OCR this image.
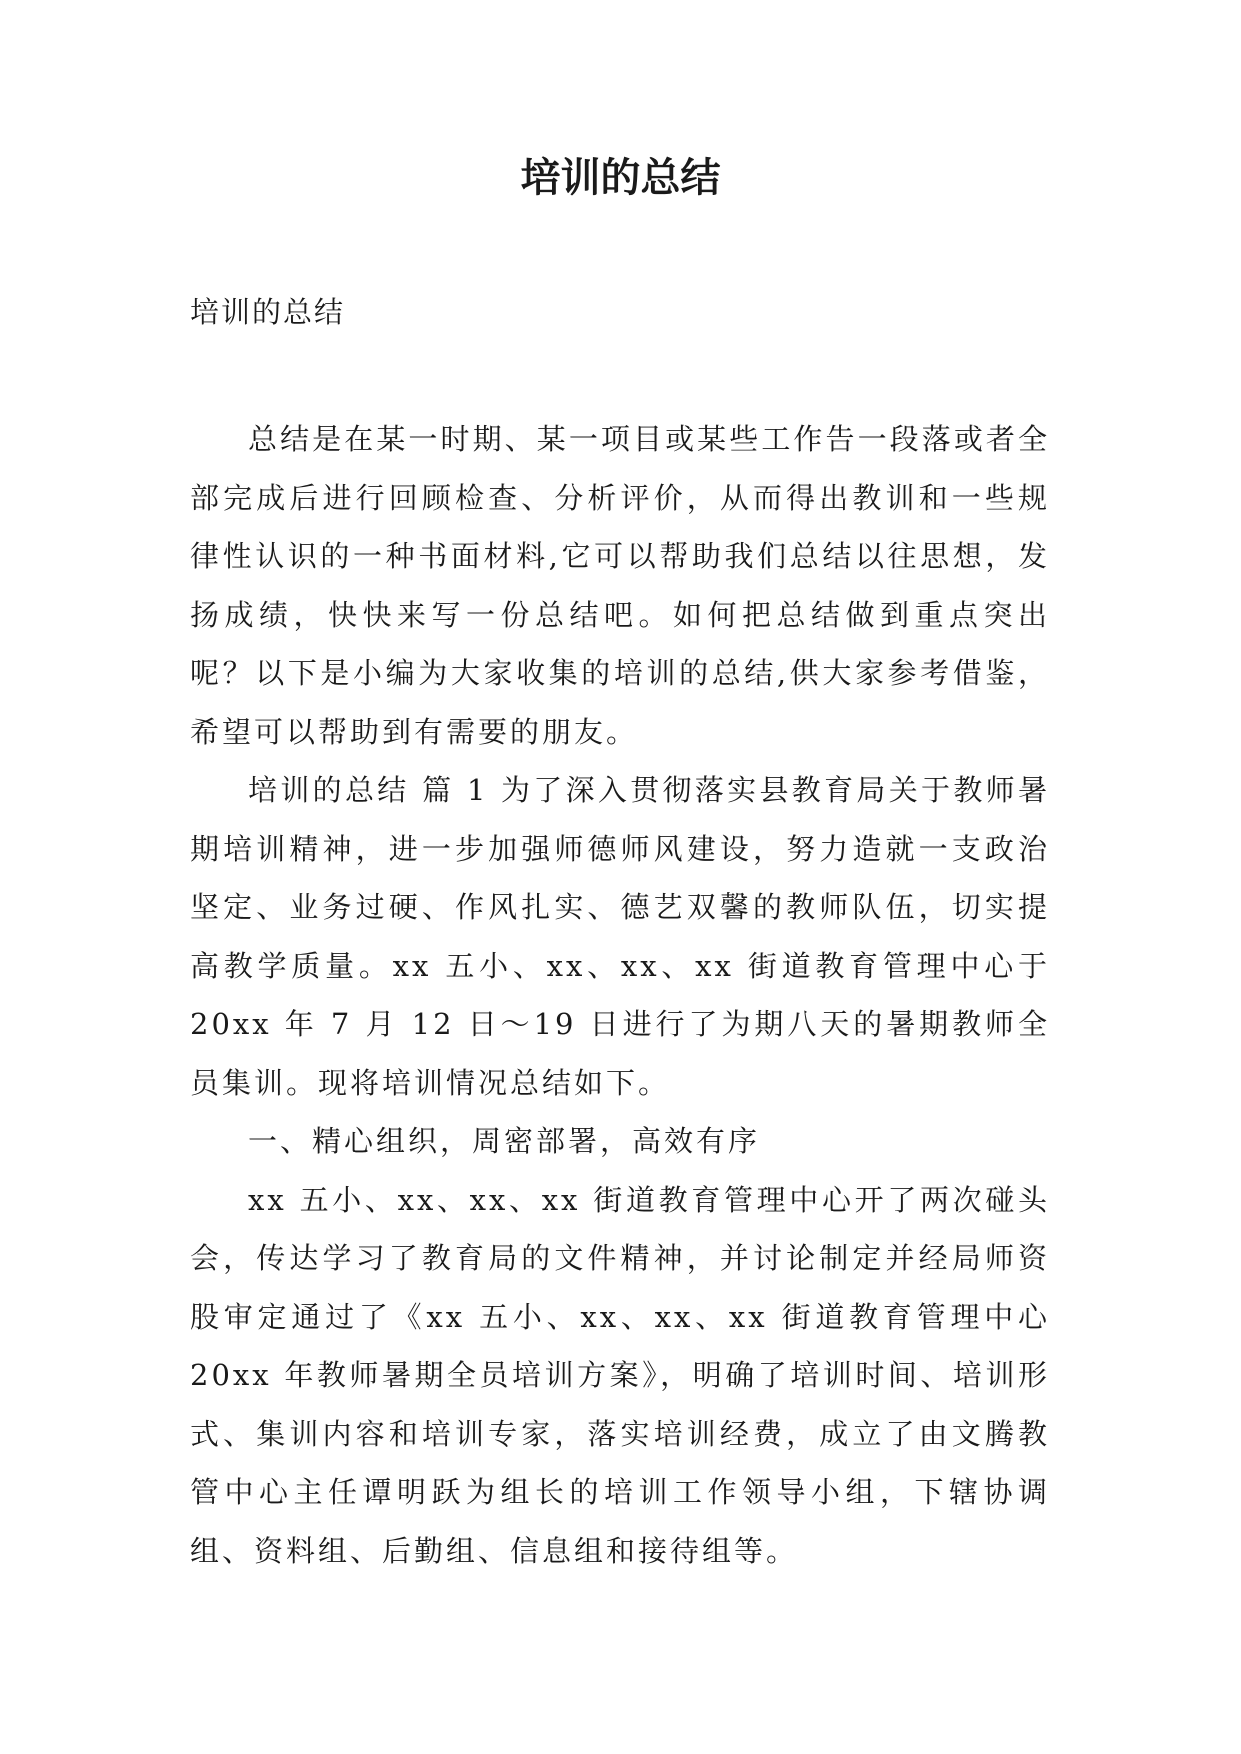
培训的总结

培训的总结

总结是在某一时期、某一项目或某些工作告一段落或者全部完成后进行回顾检查、分析评价，从而得出教训和一些规律性认识的一种书面材料,它可以帮助我们总结以往思想，发扬成绩，快快来写一份总结吧。如何把总结做到重点突出呢？以下是小编为大家收集的培训的总结,供大家参考借鉴，希望可以帮助到有需要的朋友。

培训的总结 篇 1 为了深入贯彻落实县教育局关于教师暑期培训精神，进一步加强师德师风建设，努力造就一支政治坚定、业务过硬、作风扎实、德艺双馨的教师队伍，切实提高教学质量。xx 五小、xx、xx、xx 街道教育管理中心于 20xx 年 7 月 12 日～19 日进行了为期八天的暑期教师全员集训。现将培训情况总结如下。

一、精心组织，周密部署，高效有序

xx 五小、xx、xx、xx 街道教育管理中心开了两次碰头会，传达学习了教育局的文件精神，并讨论制定并经局师资股审定通过了《xx 五小、xx、xx、xx 街道教育管理中心 20xx 年教师暑期全员培训方案》，明确了培训时间、培训形式、集训内容和培训专家，落实培训经费，成立了由文腾教管中心主任谭明跃为组长的培训工作领导小组，下辖协调组、资料组、后勤组、信息组和接待组等。
